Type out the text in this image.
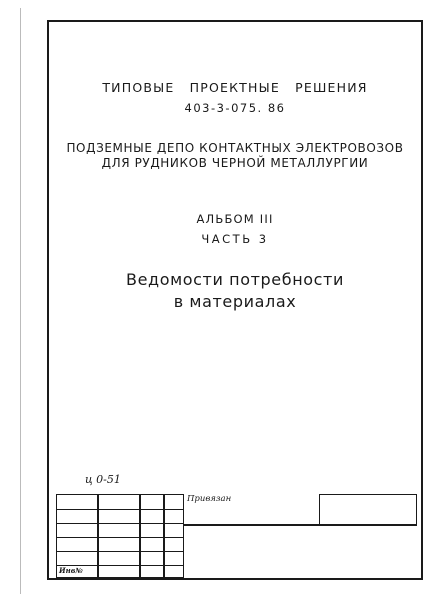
ТИПОВЫЕ ПРОЕКТНЫЕ РЕШЕНИЯ
403-3-075. 86
ПОДЗЕМНЫЕ ДЕПО КОНТАКТНЫХ ЭЛЕКТРОВОЗОВ
ДЛЯ РУДНИКОВ ЧЕРНОЙ МЕТАЛЛУРГИИ
АЛЬБОМ III
ЧАСТЬ 3
Ведомости потребности
в материалах
ц 0-51
Привязан
Инв№
